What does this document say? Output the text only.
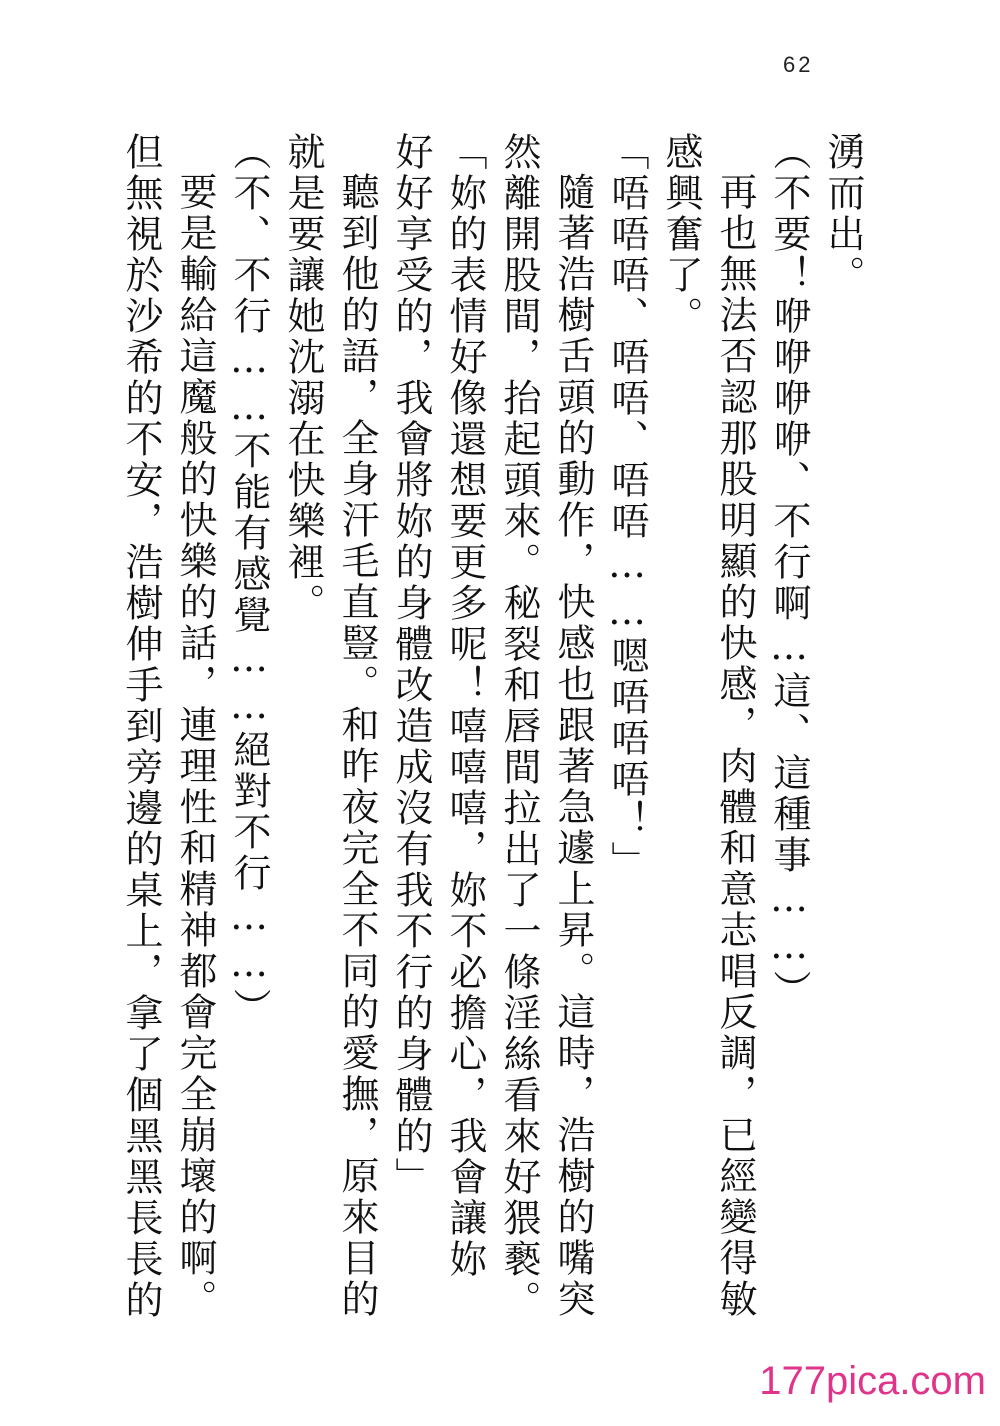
62
湧而出。
（不要！咿咿咿咿、不行啊…這、這種事……）
再也無法否認那股明顯的快感，肉體和意志唱反調，已經變得敏
感興奮了。
「唔唔唔、唔唔、唔唔……嗯唔唔唔！」
隨著浩樹舌頭的動作，快感也跟著急遽上昇。這時，浩樹的嘴突
然離開股間，抬起頭來。秘裂和唇間拉出了一條淫絲看來好猥褻。
「妳的表情好像還想要更多呢！嘻嘻嘻，妳不必擔心，我會讓妳
好好享受的，我會將妳的身體改造成沒有我不行的身體的」
聽到他的語，全身汗毛直豎。和昨夜完全不同的愛撫，原來目的
就是要讓她沈溺在快樂裡。
（不、不行……不能有感覺……絕對不行……）
要是輸給這魔般的快樂的話，連理性和精神都會完全崩壞的啊。
但無視於沙希的不安，浩樹伸手到旁邊的桌上，拿了個黑黑長長的
177pica.com
